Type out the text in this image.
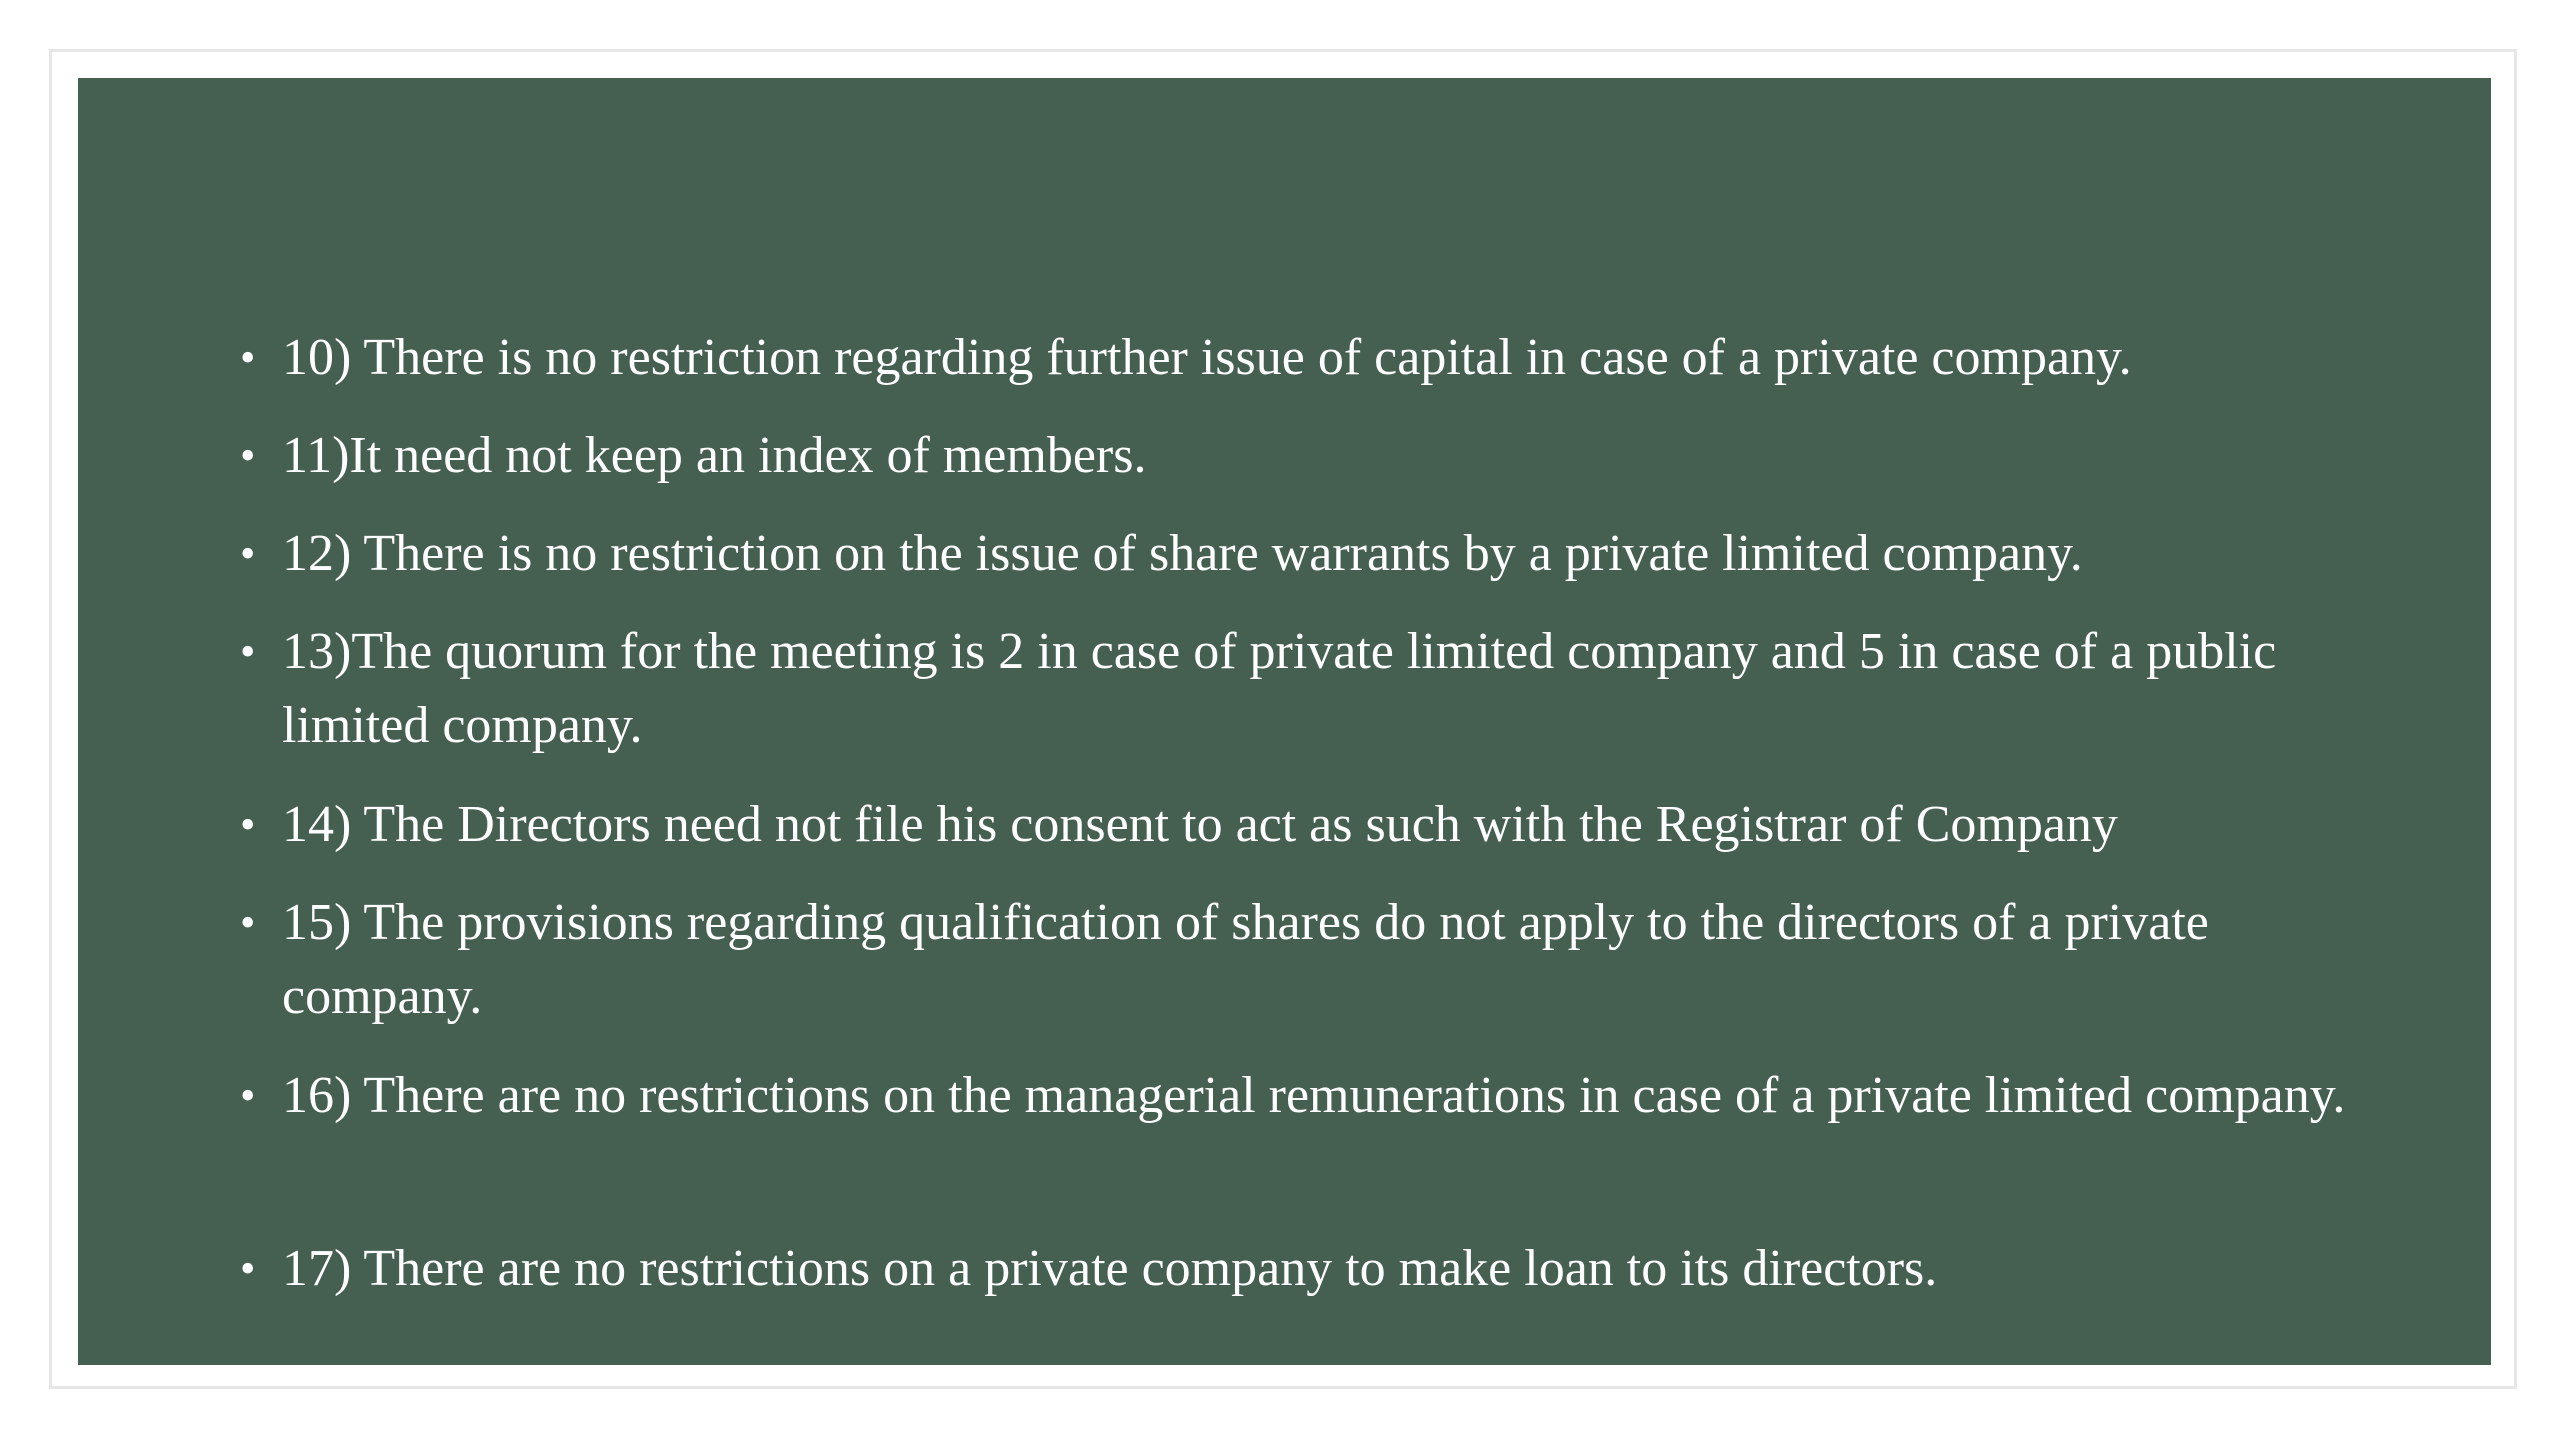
• 10) There is no restriction regarding further issue of capital in case of a private company.
• 11)It need not keep an index of members.
• 12) There is no restriction on the issue of share warrants by a private limited company.
• 13)The quorum for the meeting is 2 in case of private limited company and 5 in case of a public limited company.
• 14) The Directors need not file his consent to act as such with the Registrar of Company
• 15) The provisions regarding qualification of shares do not apply to the directors of a private company.
• 16) There are no restrictions on the managerial remunerations in case of a private limited company.
• 17) There are no restrictions on a private company to make loan to its directors.
